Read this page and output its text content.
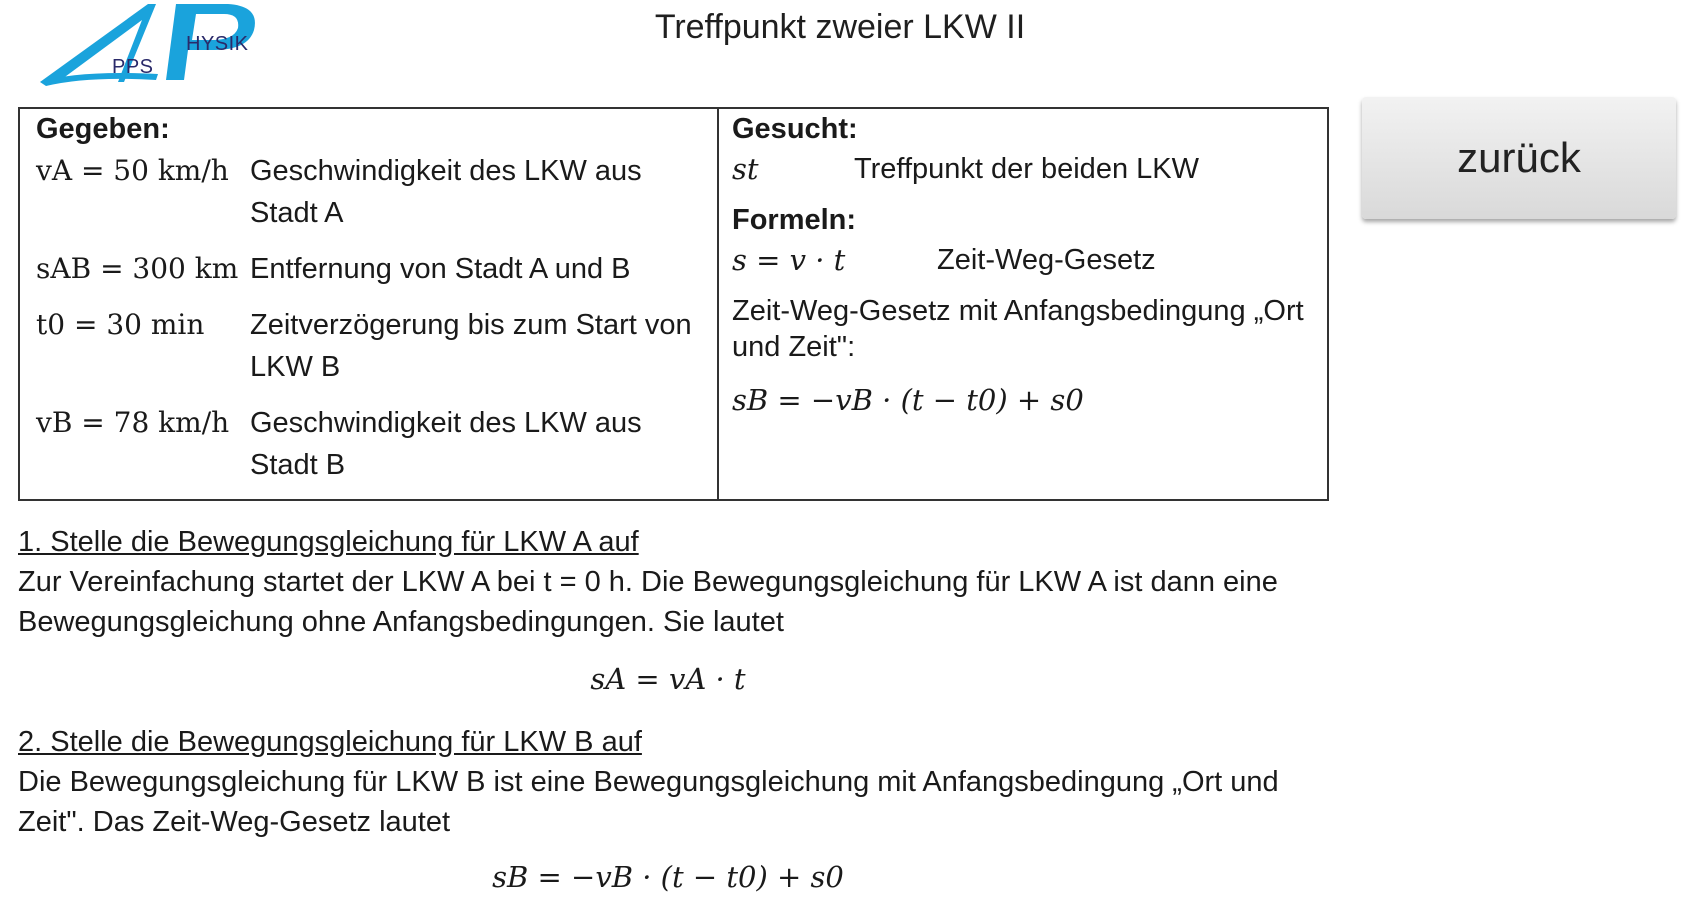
PPS
HYSIK	Treffpunkt zweier LKW II
zurück

Gegeben:

vA = 50 km/h Geschwindigkeit des LKW aus Stadt A
sAB = 300 km Entfernung von Stadt A und B
t0 = 30 min	Zeitverzögerung bis zum Start von LKW B
vB = 78 km/h Geschwindigkeit des LKW aus Stadt B

Gesucht:

st	Treffpunkt der beiden LKW

Formeln:

s = v · t	Zeit-Weg-Gesetz
Zeit-Weg-Gesetz mit Anfangsbedingung „Ort und Zeit":
sB = −vB · (t − t0) + s0
1. Stelle die Bewegungsgleichung für LKW A auf
Zur Vereinfachung startet der LKW A bei t = 0 h. Die Bewegungsgleichung für LKW A ist dann eine Bewegungsgleichung ohne Anfangsbedingungen. Sie lautet
sA = vA · t
2. Stelle die Bewegungsgleichung für LKW B auf
Die Bewegungsgleichung für LKW B ist eine Bewegungsgleichung mit Anfangsbedingung „Ort und Zeit". Das Zeit-Weg-Gesetz lautet
sB = −vB · (t − t0) + s0
